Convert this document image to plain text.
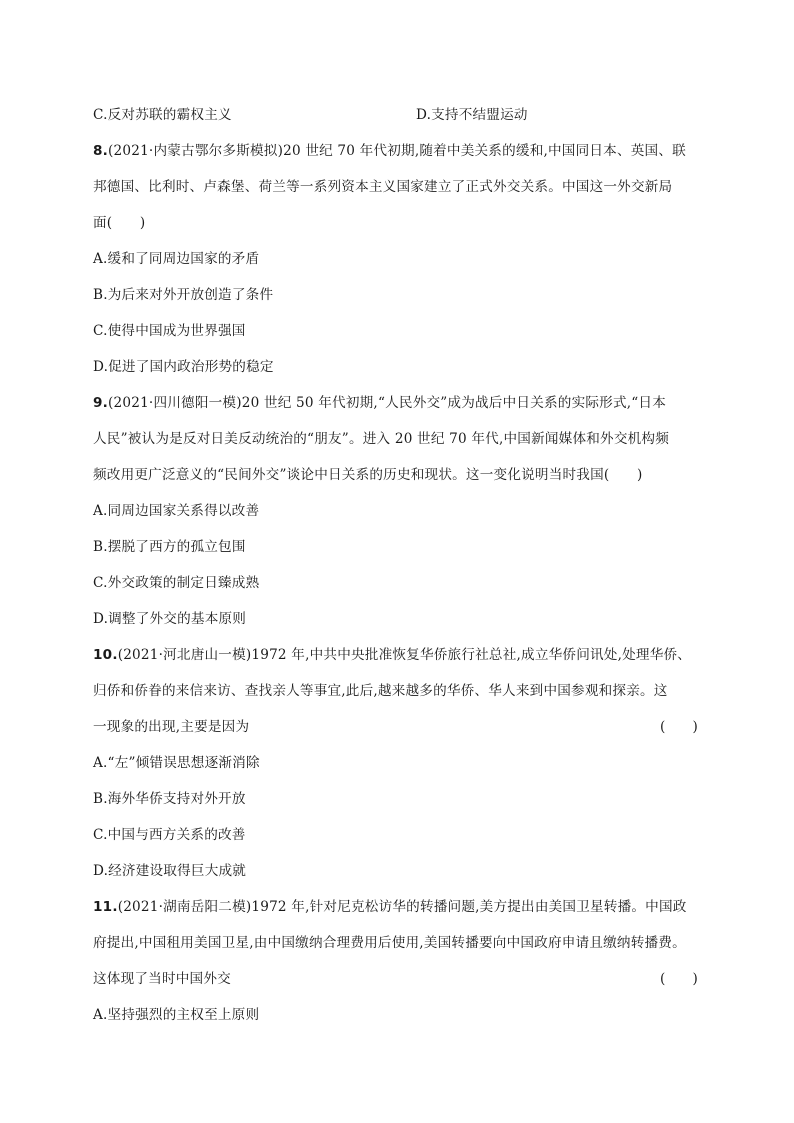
C.反对苏联的霸权主义	D.支持不结盟运动
8.(2021·内蒙古鄂尔多斯模拟)20 世纪 70 年代初期,随着中美关系的缓和,中国同日本、英国、联
邦德国、比利时、卢森堡、荷兰等一系列资本主义国家建立了正式外交关系。中国这一外交新局
面(　　)
A.缓和了同周边国家的矛盾
B.为后来对外开放创造了条件
C.使得中国成为世界强国
D.促进了国内政治形势的稳定
9.(2021·四川德阳一模)20 世纪 50 年代初期,“人民外交”成为战后中日关系的实际形式,“日本
人民”被认为是反对日美反动统治的“朋友”。进入 20 世纪 70 年代,中国新闻媒体和外交机构频
频改用更广泛意义的“民间外交”谈论中日关系的历史和现状。这一变化说明当时我国(　　)
A.同周边国家关系得以改善
B.摆脱了西方的孤立包围
C.外交政策的制定日臻成熟
D.调整了外交的基本原则
10.(2021·河北唐山一模)1972 年,中共中央批准恢复华侨旅行社总社,成立华侨问讯处,处理华侨、
归侨和侨眷的来信来访、查找亲人等事宜,此后,越来越多的华侨、华人来到中国参观和探亲。这
一现象的出现,主要是因为	(　　)
A.“左”倾错误思想逐渐消除
B.海外华侨支持对外开放
C.中国与西方关系的改善
D.经济建设取得巨大成就
11.(2021·湖南岳阳二模)1972 年,针对尼克松访华的转播问题,美方提出由美国卫星转播。中国政
府提出,中国租用美国卫星,由中国缴纳合理费用后使用,美国转播要向中国政府申请且缴纳转播费。
这体现了当时中国外交	(　　)
A.坚持强烈的主权至上原则
